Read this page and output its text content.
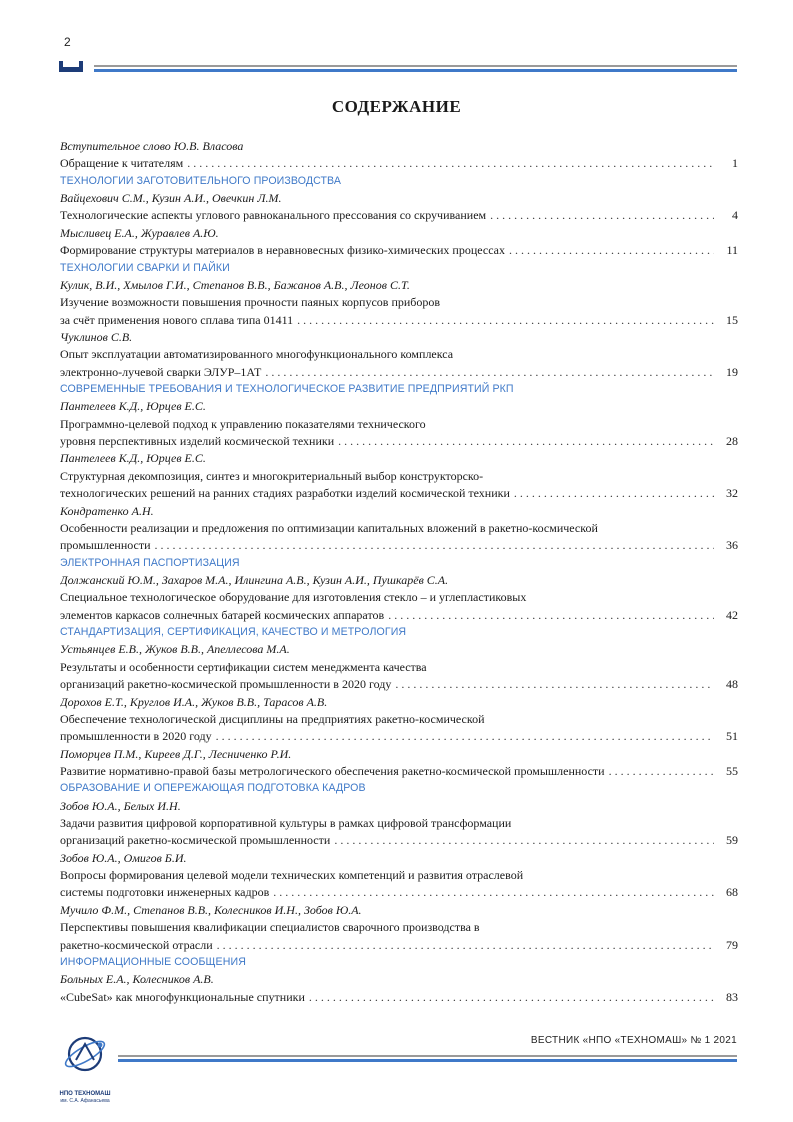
2
СОДЕРЖАНИЕ
Вступительное слово Ю.В. Власова
Обращение к читателям . . .	1
ТЕХНОЛОГИИ ЗАГОТОВИТЕЛЬНОГО ПРОИЗВОДСТВА
Вайцехович С.М., Кузин А.И., Овечкин Л.М.
Технологические аспекты углового равноканального прессования со скручиванием . . .	4
Мысливец Е.А., Журавлев А.Ю.
Формирование структуры материалов в неравновесных физико-химических процессах . . .	11
ТЕХНОЛОГИИ СВАРКИ И ПАЙКИ
Кулик, В.И., Хмылов Г.И., Степанов В.В., Бажанов А.В., Леонов С.Т.
Изучение возможности повышения прочности паяных корпусов приборов
за счёт применения нового сплава типа 01411 . . .	15
Чуклинов С.В.
Опыт эксплуатации автоматизированного многофункционального комплекса
электронно-лучевой сварки ЭЛУР–1АТ . . .	19
СОВРЕМЕННЫЕ ТРЕБОВАНИЯ И ТЕХНОЛОГИЧЕСКОЕ РАЗВИТИЕ ПРЕДПРИЯТИЙ РКП
Пантелеев К.Д., Юрцев Е.С.
Программно-целевой подход к управлению показателями технического
уровня перспективных изделий космической техники . . .	28
Пантелеев К.Д., Юрцев Е.С.
Структурная декомпозиция, синтез и многокритериальный выбор конструкторско-
технологических решений на ранних стадиях разработки изделий космической техники . . .	32
Кондратенко А.Н.
Особенности реализации и предложения по оптимизации капитальных вложений в ракетно-космической
промышленности . . .	36
ЭЛЕКТРОННАЯ ПАСПОРТИЗАЦИЯ
Должанский Ю.М., Захаров М.А., Илингина А.В., Кузин А.И., Пушкарёв С.А.
Специальное технологическое оборудование для изготовления стекло – и углепластиковых
элементов каркасов солнечных батарей космических аппаратов . . .	42
СТАНДАРТИЗАЦИЯ, СЕРТИФИКАЦИЯ, КАЧЕСТВО И МЕТРОЛОГИЯ
Устьянцев Е.В., Жуков В.В., Апеллесова М.А.
Результаты и особенности сертификации систем менеджмента качества
организаций ракетно-космической промышленности в 2020 году . . .	48
Дорохов Е.Т., Круглов И.А., Жуков В.В., Тарасов А.В.
Обеспечение технологической дисциплины на предприятиях ракетно-космической
промышленности в 2020 году . . .	51
Поморцев П.М., Киреев Д.Г., Лесниченко Р.И.
Развитие нормативно-правой базы метрологического обеспечения ракетно-космической промышленности . . .	55
ОБРАЗОВАНИЕ И ОПЕРЕЖАЮЩАЯ ПОДГОТОВКА КАДРОВ
Зобов Ю.А., Белых И.Н.
Задачи развития цифровой корпоративной культуры в рамках цифровой трансформации
организаций ракетно-космической промышленности . . .	59
Зобов Ю.А., Омигов Б.И.
Вопросы формирования целевой модели технических компетенций и развития отраслевой
системы подготовки инженерных кадров . . .	68
Мучило Ф.М., Степанов В.В., Колесников И.Н., Зобов Ю.А.
Перспективы повышения квалификации специалистов сварочного производства в
ракетно-космической отрасли . . .	79
ИНФОРМАЦИОННЫЕ СООБЩЕНИЯ
Больных Е.А., Колесников А.В.
«CubeSat» как многофункциональные спутники . . .	83
НПО ТЕХНОМАШ
им. С.А. Афанасьева
ВЕСТНИК «НПО «ТЕХНОМАШ» № 1 2021
